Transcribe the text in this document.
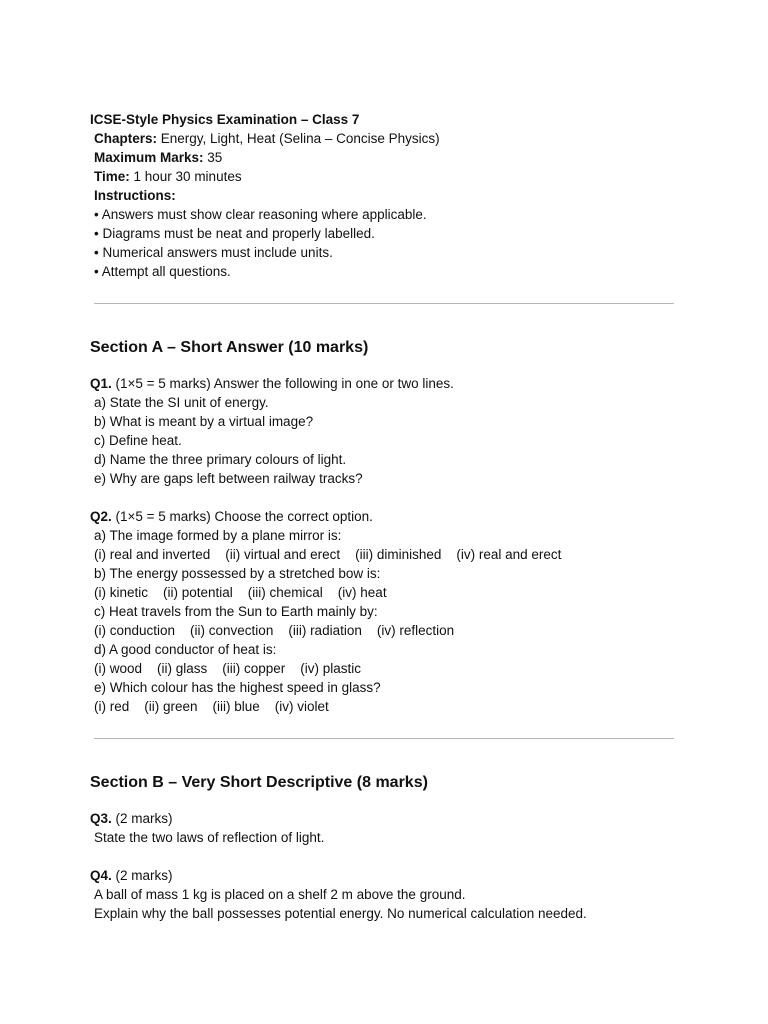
ICSE-Style Physics Examination – Class 7
Chapters: Energy, Light, Heat (Selina – Concise Physics)
Maximum Marks: 35
Time: 1 hour 30 minutes
Instructions:
• Answers must show clear reasoning where applicable.
• Diagrams must be neat and properly labelled.
• Numerical answers must include units.
• Attempt all questions.
Section A – Short Answer (10 marks)
Q1. (1×5 = 5 marks) Answer the following in one or two lines.
a) State the SI unit of energy.
b) What is meant by a virtual image?
c) Define heat.
d) Name the three primary colours of light.
e) Why are gaps left between railway tracks?
Q2. (1×5 = 5 marks) Choose the correct option.
a) The image formed by a plane mirror is:
(i) real and inverted    (ii) virtual and erect    (iii) diminished    (iv) real and erect
b) The energy possessed by a stretched bow is:
(i) kinetic    (ii) potential    (iii) chemical    (iv) heat
c) Heat travels from the Sun to Earth mainly by:
(i) conduction    (ii) convection    (iii) radiation    (iv) reflection
d) A good conductor of heat is:
(i) wood    (ii) glass    (iii) copper    (iv) plastic
e) Which colour has the highest speed in glass?
(i) red    (ii) green    (iii) blue    (iv) violet
Section B – Very Short Descriptive (8 marks)
Q3. (2 marks)
State the two laws of reflection of light.
Q4. (2 marks)
A ball of mass 1 kg is placed on a shelf 2 m above the ground.
Explain why the ball possesses potential energy. No numerical calculation needed.
